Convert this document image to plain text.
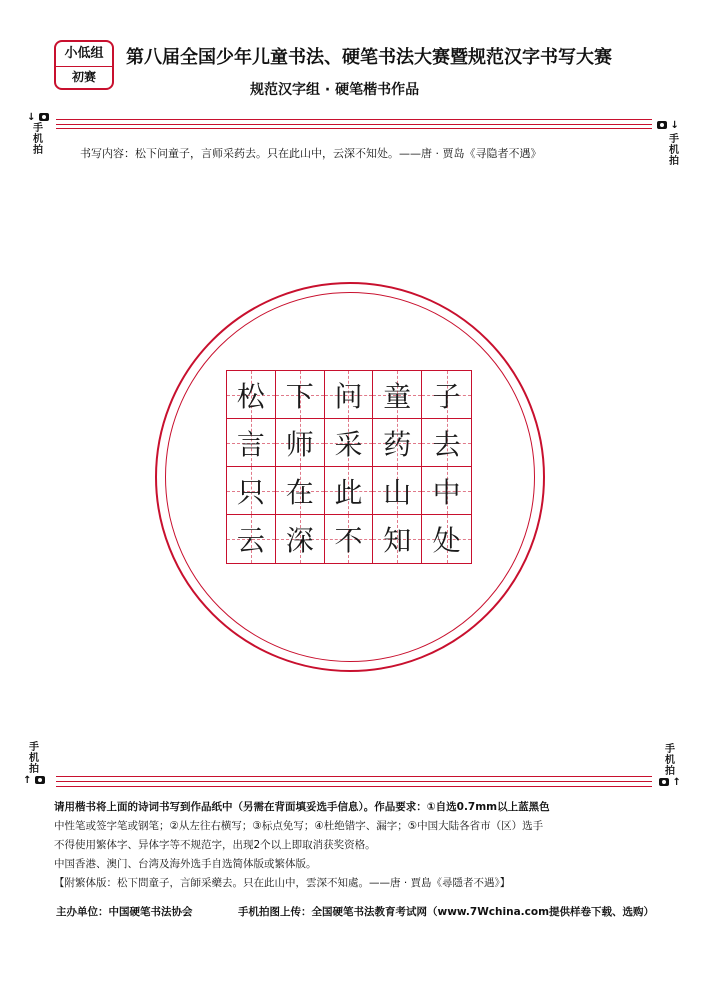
小低组
初赛
第八届全国少年儿童书法、硬笔书法大赛暨规范汉字书写大赛
规范汉字组 · 硬笔楷书作品
↓
手
机
拍
↓
手
机
拍
书写内容：松下问童子，言师采药去。只在此山中，云深不知处。——唐 · 贾岛《寻隐者不遇》
松 下 问 童 子
言 师 采 药 去
只 在 此 山 中
云 深 不 知 处
手
机
拍
↑
手
机
拍
↑

请用楷书将上面的诗词书写到作品纸中（另需在背面填妥选手信息）。作品要求：①自选0.7mm以上蓝黑色

中性笔或签字笔或钢笔；②从左往右横写；③标点免写；④杜绝错字、漏字；⑤中国大陆各省市（区）选手

不得使用繁体字、异体字等不规范字，出现2个以上即取消获奖资格。

中国香港、澳门、台湾及海外选手自选简体版或繁体版。

【附繁体版：松下問童子，言師采藥去。只在此山中，雲深不知處。——唐 · 賈島《尋隱者不遇》】

主办单位：中国硬笔书法协会	手机拍图上传：全国硬笔书法教育考试网（www.7Wchina.com提供样卷下载、选购）
